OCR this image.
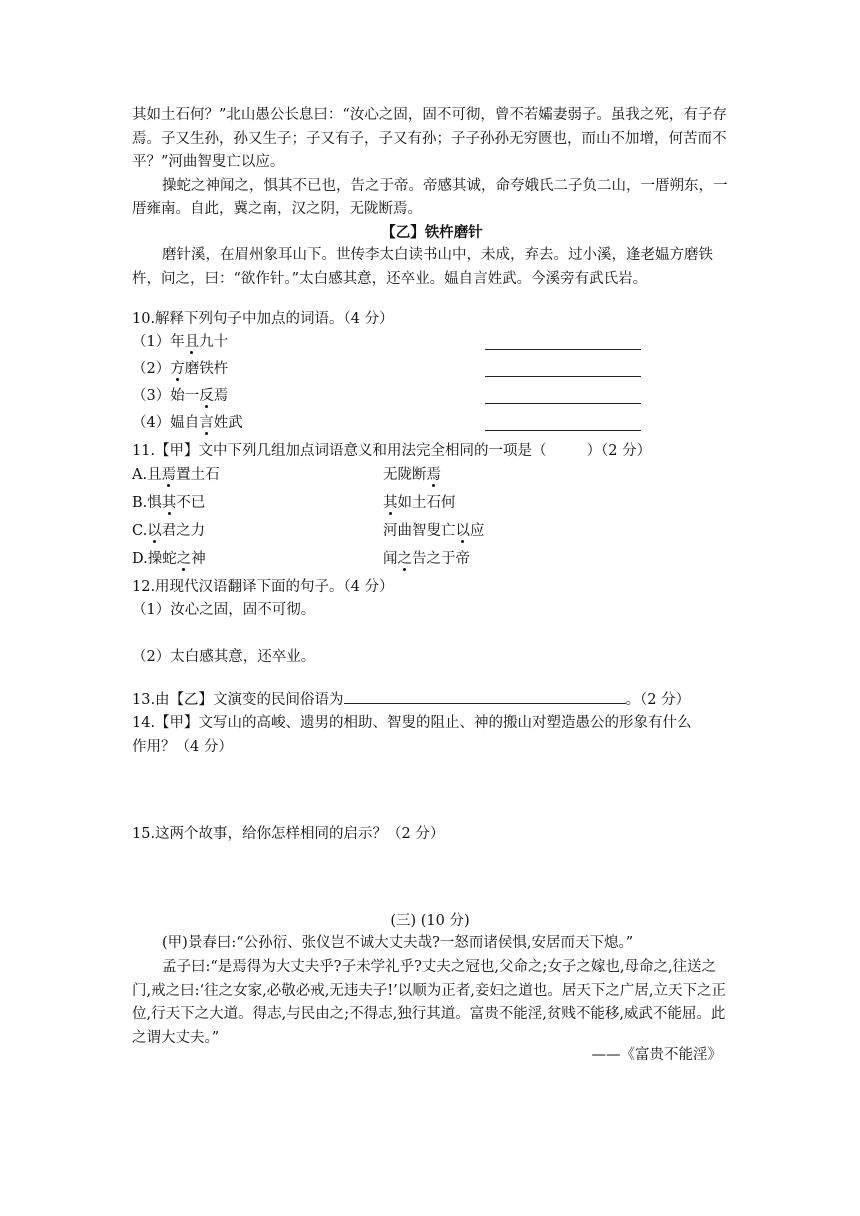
其如土石何？”北山愚公长息曰：“汝心之固，固不可彻，曾不若孀妻弱子。虽我之死，有子存焉。子又生孙，孙又生子；子又有子，子又有孙；子子孙孙无穷匮也，而山不加增，何苦而不平？”河曲智叟亡以应。
操蛇之神闻之，惧其不已也，告之于帝。帝感其诚，命夸娥氏二子负二山，一厝朔东，一厝雍南。自此，冀之南，汉之阴，无陇断焉。
【乙】铁杵磨针
磨针溪，在眉州象耳山下。世传李太白读书山中，未成，弃去。过小溪，逢老媪方磨铁杵，问之，曰：“欲作针。”太白感其意，还卒业。媪自言姓武。今溪旁有武氏岩。
10.解释下列句子中加点的词语。（4 分）
（1）年且九十
（2）方磨铁杵
（3）始一反焉
（4）媪自言姓武
11.【甲】文中下列几组加点词语意义和用法完全相同的一项是（	）（2 分）
A.且焉置土石	无陇断焉
B.惧其不已	其如土石何
C.以君之力	河曲智叟亡以应
D.操蛇之神	闻之告之于帝
12.用现代汉语翻译下面的句子。（4 分）
（1）汝心之固，固不可彻。
（2）太白感其意，还卒业。
13.由【乙】文演变的民间俗语为	。（2 分）
14.【甲】文写山的高峻、遗男的相助、智叟的阻止、神的搬山对塑造愚公的形象有什么
作用？（4 分）
15.这两个故事，给你怎样相同的启示？（2 分）
(三) (10 分)
(甲)景春曰:“公孙衍、张仪岂不诚大丈夫哉?一怒而诸侯惧,安居而天下熄。”
孟子曰:“是焉得为大丈夫乎?子未学礼乎?丈夫之冠也,父命之;女子之嫁也,母命之,往送之门,戒之曰:‘往之女家,必敬必戒,无违夫子!’以顺为正者,妾妇之道也。居天下之广居,立天下之正位,行天下之大道。得志,与民由之;不得志,独行其道。富贵不能淫,贫贱不能移,威武不能屈。此之谓大丈夫。”
——《富贵不能淫》
